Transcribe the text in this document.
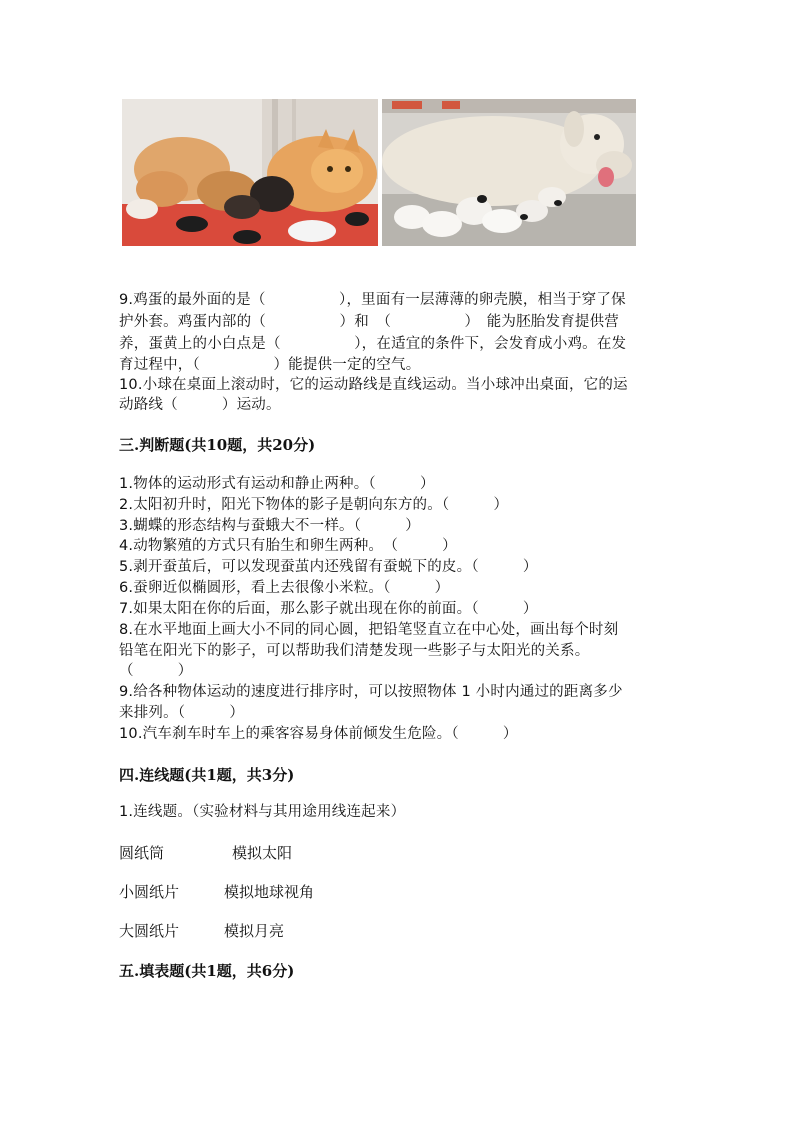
9.鸡蛋的最外面的是（　　　　　），里面有一层薄薄的卵壳膜，相当于穿了保
护外套。鸡蛋内部的（　　　　　）和　（　　　　　）　能为胚胎发育提供营
养，蛋黄上的小白点是（　　　　　），在适宜的条件下，会发育成小鸡。在发
育过程中，（　　　　　）能提供一定的空气。
10.小球在桌面上滚动时，它的运动路线是直线运动。当小球冲出桌面，它的运
动路线（　　　）运动。
三.判断题(共10题，共20分)
1.物体的运动形式有运动和静止两种。（　　　）
2.太阳初升时，阳光下物体的影子是朝向东方的。（　　　）
3.蝴蝶的形态结构与蚕蛾大不一样。（　　　）
4.动物繁殖的方式只有胎生和卵生两种。　（　　　）
5.剥开蚕茧后，可以发现蚕茧内还残留有蚕蜕下的皮。（　　　）
6.蚕卵近似椭圆形，看上去很像小米粒。（　　　）
7.如果太阳在你的后面，那么影子就出现在你的前面。（　　　）
8.在水平地面上画大小不同的同心圆，把铅笔竖直立在中心处，画出每个时刻
铅笔在阳光下的影子，可以帮助我们清楚发现一些影子与太阳光的关系。
（　　　）
9.给各种物体运动的速度进行排序时，可以按照物体 1 小时内通过的距离多少
来排列。（　　　）
10.汽车刹车时车上的乘客容易身体前倾发生危险。（　　　）
四.连线题(共1题，共3分)
1.连线题。（实验材料与其用途用线连起来）
圆纸筒	模拟太阳
小圆纸片	模拟地球视角
大圆纸片	模拟月亮
五.填表题(共1题，共6分)
